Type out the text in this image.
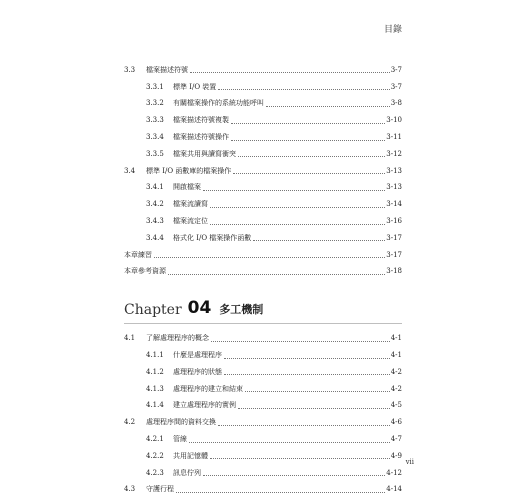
目錄
3.3	檔案描述符號	3-7
3.3.1	標準 I/O 裝置	3-7
3.3.2	有關檔案操作的系統功能呼叫	3-8
3.3.3	檔案描述符號複製	3-10
3.3.4	檔案描述符號操作	3-11
3.3.5	檔案共用與讀寫衝突	3-12
3.4	標準 I/O 函數庫的檔案操作	3-13
3.4.1	開啟檔案	3-13
3.4.2	檔案流讀寫	3-14
3.4.3	檔案流定位	3-16
3.4.4	格式化 I/O 檔案操作函數	3-17
本章練習	3-17
本章參考資源	3-18
Chapter 04 多工機制
4.1	了解處理程序的概念	4-1
4.1.1	什麼是處理程序	4-1
4.1.2	處理程序的狀態	4-2
4.1.3	處理程序的建立和結束	4-2
4.1.4	建立處理程序的實例	4-5
4.2	處理程序間的資料交換	4-6
4.2.1	管線	4-7
4.2.2	共用記憶體	4-9
4.2.3	訊息佇列	4-12
4.3	守護行程	4-14
vii
